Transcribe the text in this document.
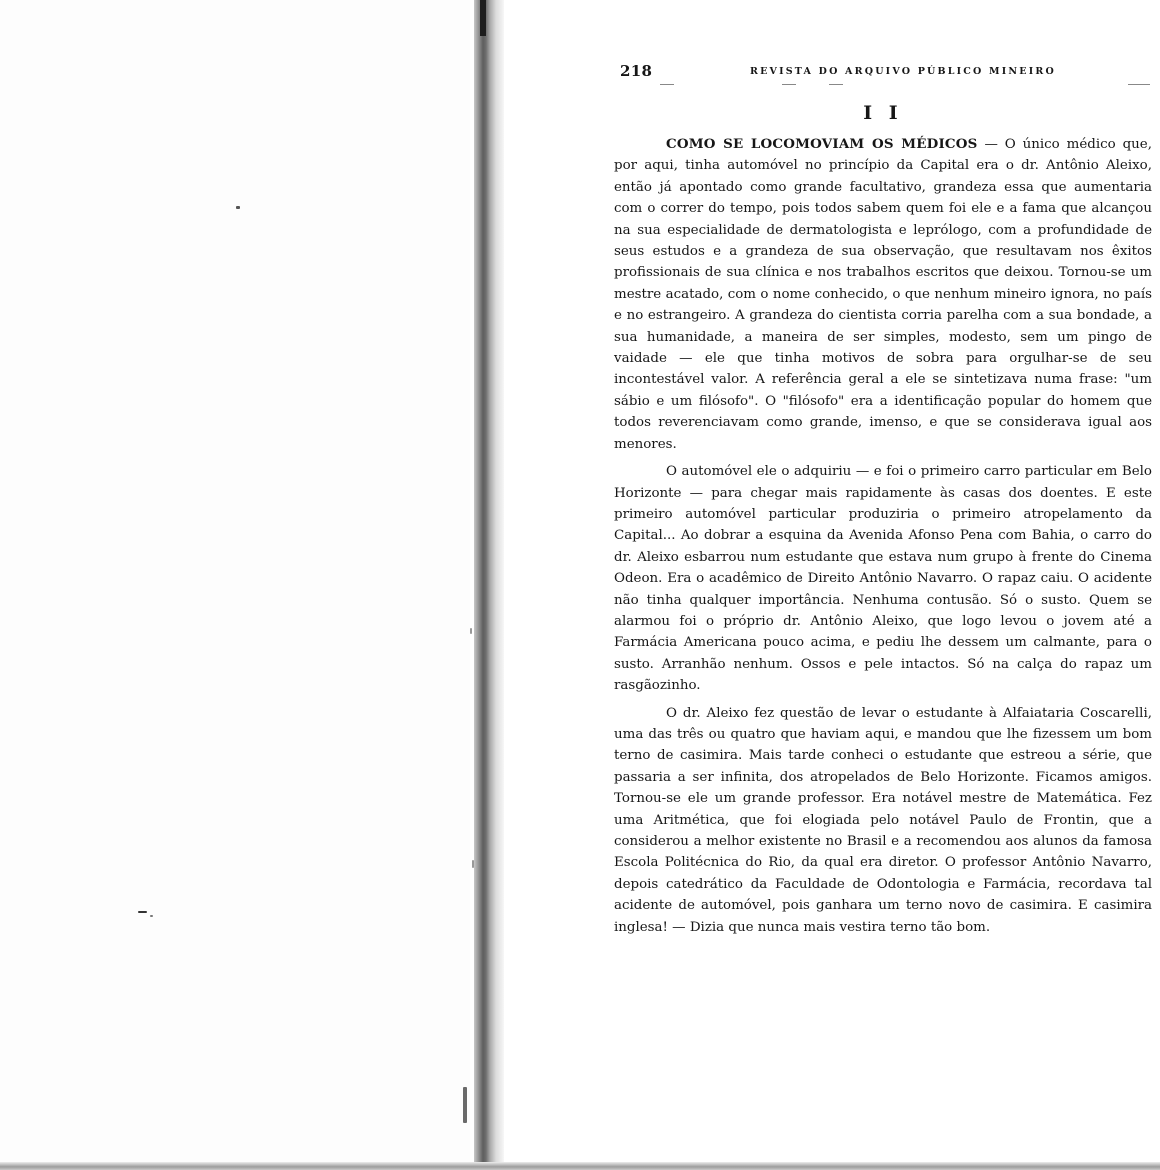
218	REVISTA DO ARQUIVO PÚBLICO MINEIRO
I I

COMO SE LOCOMOVIAM OS MÉDICOS — O único médico que, por aqui, tinha automóvel no princípio da Capital era o dr. Antônio Aleixo, então já apontado como grande facultativo, grandeza essa que aumentaria com o correr do tempo, pois todos sabem quem foi ele e a fama que alcançou na sua especialidade de dermatologista e leprólogo, com a profundidade de seus estudos e a grandeza de sua observação, que resultavam nos êxitos profissionais de sua clínica e nos trabalhos escritos que deixou. Tornou-se um mestre acatado, com o nome conhecido, o que nenhum mineiro ignora, no país e no estrangeiro. A grandeza do cientista corria parelha com a sua bondade, a sua humanidade, a maneira de ser simples, modesto, sem um pingo de vaidade — ele que tinha motivos de sobra para orgulhar-se de seu incontestável valor. A referência geral a ele se sintetizava numa frase: "um sábio e um filósofo". O "filósofo" era a identificação popular do homem que todos reverenciavam como grande, imenso, e que se considerava igual aos menores.

O automóvel ele o adquiriu — e foi o primeiro carro particular em Belo Horizonte — para chegar mais rapidamente às casas dos doentes. E este primeiro automóvel particular produziria o primeiro atropelamento da Capital... Ao dobrar a esquina da Avenida Afonso Pena com Bahia, o carro do dr. Aleixo esbarrou num estudante que estava num grupo à frente do Cinema Odeon. Era o acadêmico de Direito Antônio Navarro. O rapaz caiu. O acidente não tinha qualquer importância. Nenhuma contusão. Só o susto. Quem se alarmou foi o próprio dr. Antônio Aleixo, que logo levou o jovem até a Farmácia Americana pouco acima, e pediu lhe dessem um calmante, para o susto. Arranhão nenhum. Ossos e pele intactos. Só na calça do rapaz um rasgãozinho.

O dr. Aleixo fez questão de levar o estudante à Alfaiataria Coscarelli, uma das três ou quatro que haviam aqui, e mandou que lhe fizessem um bom terno de casimira. Mais tarde conheci o estudante que estreou a série, que passaria a ser infinita, dos atropelados de Belo Horizonte. Ficamos amigos. Tornou-se ele um grande professor. Era notável mestre de Matemática. Fez uma Aritmética, que foi elogiada pelo notável Paulo de Frontin, que a considerou a melhor existente no Brasil e a recomendou aos alunos da famosa Escola Politécnica do Rio, da qual era diretor. O professor Antônio Navarro, depois catedrático da Faculdade de Odontologia e Farmácia, recordava tal acidente de automóvel, pois ganhara um terno novo de casimira. E casimira inglesa! — Dizia que nunca mais vestira terno tão bom.
